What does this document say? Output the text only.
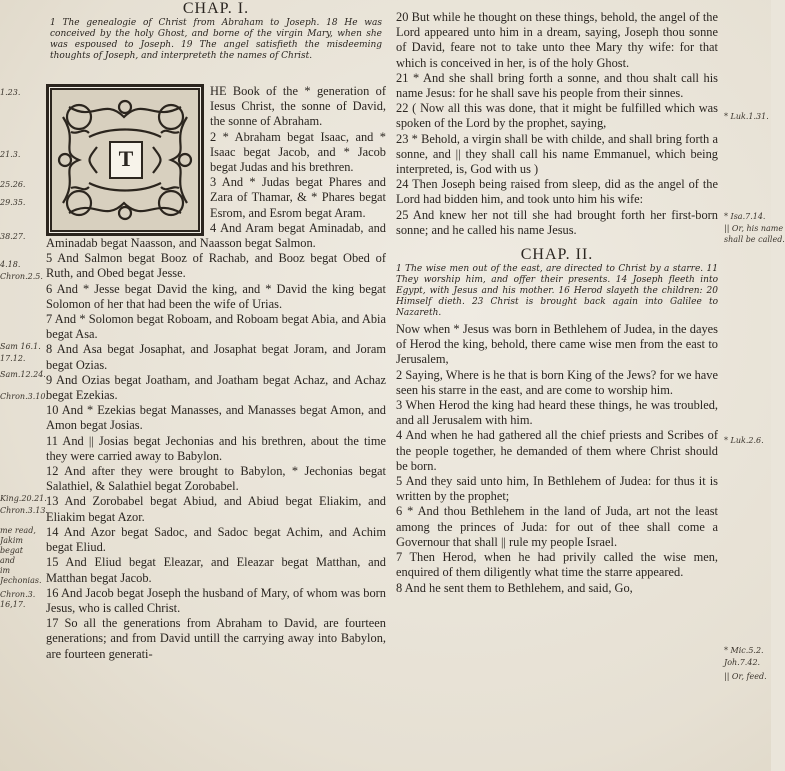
1.23.
21.3.
25.26.
29.35.
38.27.
4.18.
Chron.2.5.
Sam 16.1.
17.12.
Sam.12.24.
Chron.3.10.
King.20.21.
Chron.3.13.
me read,
Jakim
begat
and
im
Jechonias.
Chron.3.
16,17.

CHAP. I.

1 The genealogie of Christ from Abraham to Joseph. 18 He was conceived by the holy Ghost, and borne of the virgin Mary, when she was espoused to Joseph. 19 The angel satisfieth the misdeeming thoughts of Joseph, and interpreteth the names of Christ.

T

HE Book of the * generation of Iesus Christ, the sonne of David, the sonne of Abraham.

2 * Abraham begat Isaac, and * Isaac begat Jacob, and * Jacob begat Judas and his brethren.

3 And * Judas begat Phares and Zara of Thamar, & * Phares begat Esrom, and Esrom begat Aram.

4 And Aram begat Aminadab, and Aminadab begat Naasson, and Naasson begat Salmon.

5 And Salmon begat Booz of Rachab, and Booz begat Obed of Ruth, and Obed begat Jesse.

6 And * Jesse begat David the king, and * David the king begat Solomon of her that had been the wife of Urias.

7 And * Solomon begat Roboam, and Roboam begat Abia, and Abia begat Asa.

8 And Asa begat Josaphat, and Josaphat begat Joram, and Joram begat Ozias.

9 And Ozias begat Joatham, and Joatham begat Achaz, and Achaz begat Ezekias.

10 And * Ezekias begat Manasses, and Manasses begat Amon, and Amon begat Josias.

11 And || Josias begat Jechonias and his brethren, about the time they were carried away to Babylon.

12 And after they were brought to Babylon, * Jechonias begat Salathiel, & Salathiel begat Zorobabel.

13 And Zorobabel begat Abiud, and Abiud begat Eliakim, and Eliakim begat Azor.

14 And Azor begat Sadoc, and Sadoc begat Achim, and Achim begat Eliud.

15 And Eliud begat Eleazar, and Eleazar begat Matthan, and Matthan begat Jacob.

16 And Jacob begat Joseph the husband of Mary, of whom was born Jesus, who is called Christ.

17 So all the generations from Abraham to David, are fourteen generations; and from David untill the carrying away into Babylon, are fourteen generati-

20 But while he thought on these things, behold, the angel of the Lord appeared unto him in a dream, saying, Joseph thou sonne of David, feare not to take unto thee Mary thy wife: for that which is conceived in her, is of the holy Ghost.

21 * And she shall bring forth a sonne, and thou shalt call his name Jesus: for he shall save his people from their sinnes.

22 ( Now all this was done, that it might be fulfilled which was spoken of the Lord by the prophet, saying,

23 * Behold, a virgin shall be with childe, and shall bring forth a sonne, and || they shall call his name Emmanuel, which being interpreted, is, God with us )

24 Then Joseph being raised from sleep, did as the angel of the Lord had bidden him, and took unto him his wife:

25 And knew her not till she had brought forth her first-born sonne; and he called his name Jesus.

CHAP. II.

1 The wise men out of the east, are directed to Christ by a starre. 11 They worship him, and offer their presents. 14 Joseph fleeth into Egypt, with Jesus and his mother. 16 Herod slayeth the children: 20 Himself dieth. 23 Christ is brought back again into Galilee to Nazareth.

Now when * Jesus was born in Bethlehem of Judea, in the dayes of Herod the king, behold, there came wise men from the east to Jerusalem,

2 Saying, Where is he that is born King of the Jews? for we have seen his starre in the east, and are come to worship him.

3 When Herod the king had heard these things, he was troubled, and all Jerusalem with him.

4 And when he had gathered all the chief priests and Scribes of the people together, he demanded of them where Christ should be born.

5 And they said unto him, In Bethlehem of Judea: for thus it is written by the prophet;

6 * And thou Bethlehem in the land of Juda, art not the least among the princes of Juda: for out of thee shall come a Governour that shall || rule my people Israel.

7 Then Herod, when he had privily called the wise men, enquired of them diligently what time the starre appeared.

8 And he sent them to Bethlehem, and said, Go,

* Luk.1.31.
* Isa.7.14.
|| Or, his name
shall be called.
* Luk.2.6.
* Mic.5.2.
Joh.7.42.
|| Or, feed.
